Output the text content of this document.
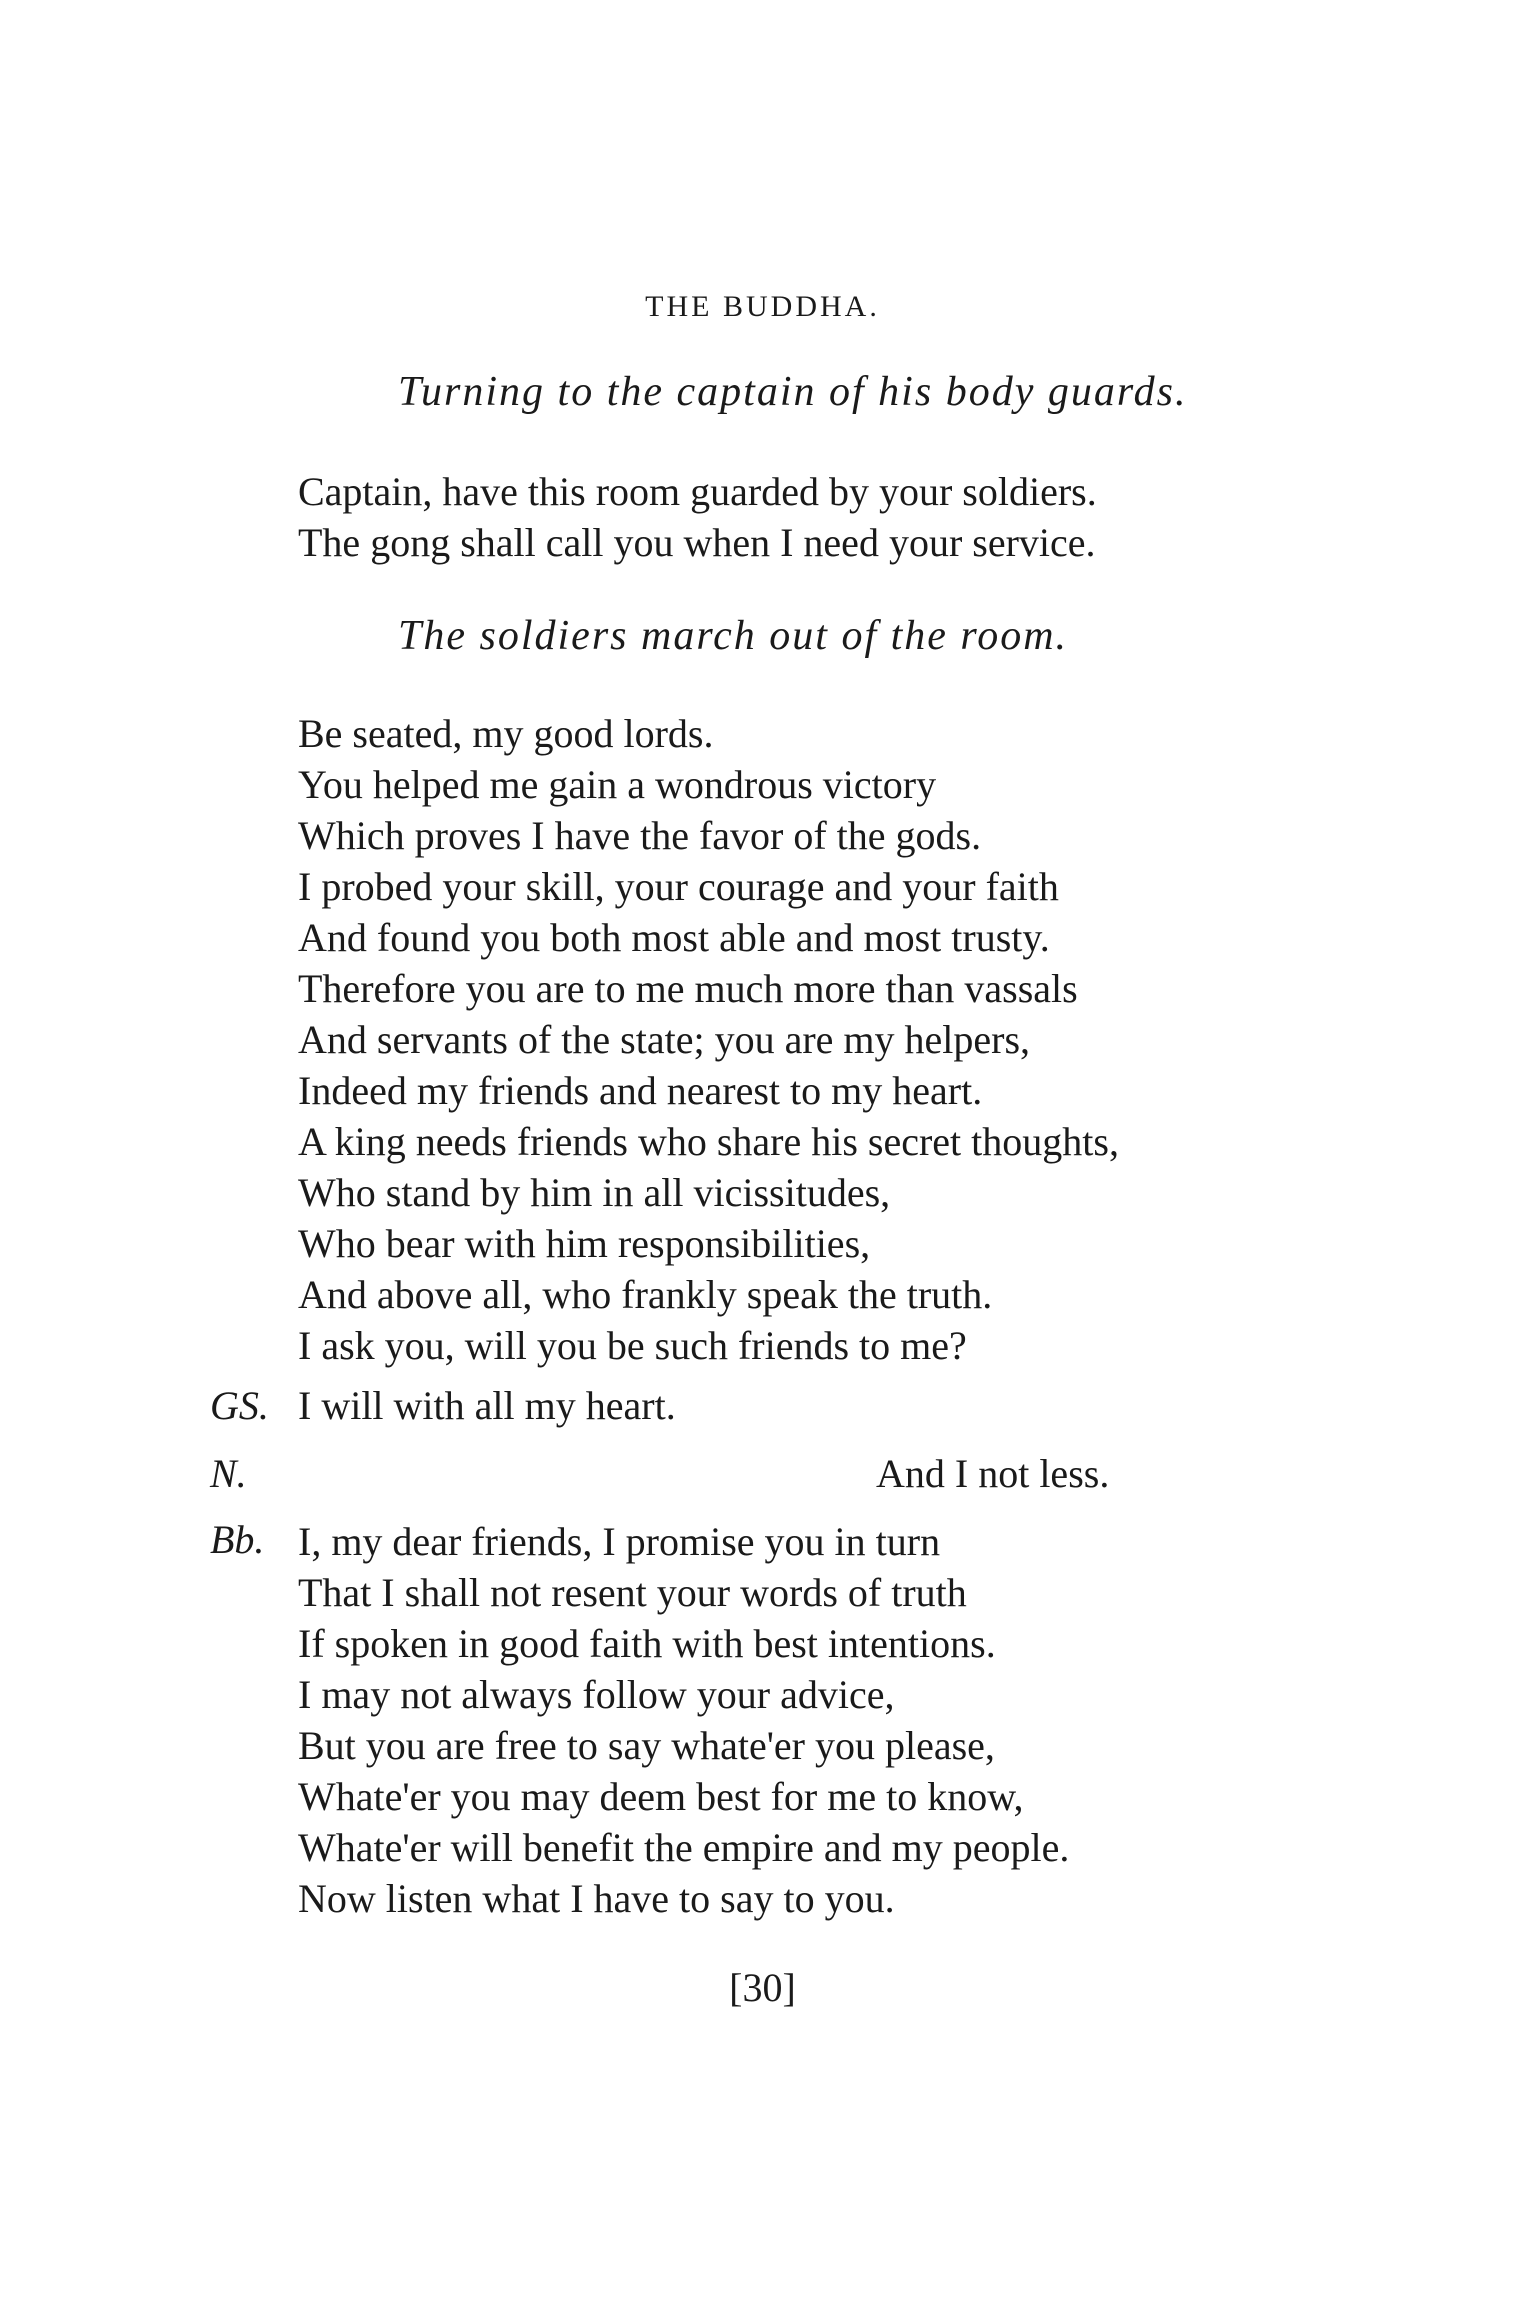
THE BUDDHA.
Turning to the captain of his body guards.
Captain, have this room guarded by your soldiers.
The gong shall call you when I need your service.
The soldiers march out of the room.
Be seated, my good lords.
You helped me gain a wondrous victory
Which proves I have the favor of the gods.
I probed your skill, your courage and your faith
And found you both most able and most trusty.
Therefore you are to me much more than vassals
And servants of the state; you are my helpers,
Indeed my friends and nearest to my heart.
A king needs friends who share his secret thoughts,
Who stand by him in all vicissitudes,
Who bear with him responsibilities,
And above all, who frankly speak the truth.
I ask you, will you be such friends to me?
GS. I will with all my heart.
N.	And I not less.
Bb. I, my dear friends, I promise you in turn
That I shall not resent your words of truth
If spoken in good faith with best intentions.
I may not always follow your advice,
But you are free to say whate'er you please,
Whate'er you may deem best for me to know,
Whate'er will benefit the empire and my people.
Now listen what I have to say to you.
[30]
